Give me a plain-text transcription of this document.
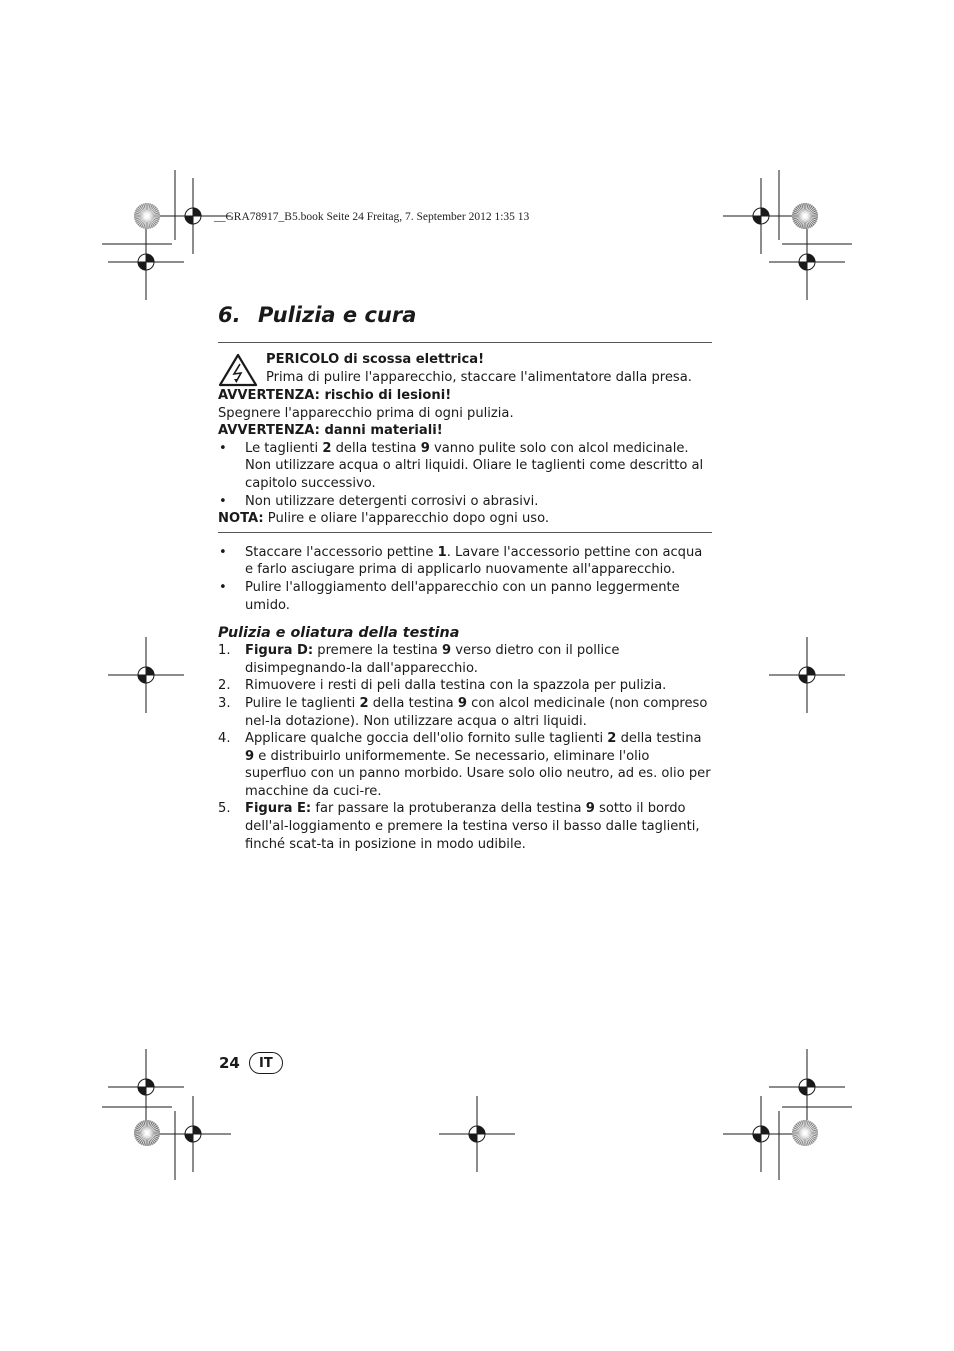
__GRA78917_B5.book Seite 24 Freitag, 7. September 2012 1:35 13
6. Pulizia e cura

PERICOLO di scossa elettrica!

Prima di pulire l'apparecchio, staccare l'alimentatore dalla presa.

AVVERTENZA: rischio di lesioni!

Spegnere l'apparecchio prima di ogni pulizia.

AVVERTENZA: danni materiali!

• Le taglienti 2 della testina 9 vanno pulite solo con alcol medicinale. Non utilizzare acqua o altri liquidi. Oliare le taglienti come descritto al capitolo successivo.
• Non utilizzare detergenti corrosivi o abrasivi.

NOTA: Pulire e oliare l'apparecchio dopo ogni uso.

• Staccare l'accessorio pettine 1. Lavare l'accessorio pettine con acqua e farlo asciugare prima di applicarlo nuovamente all'apparecchio.
• Pulire l'alloggiamento dell'apparecchio con un panno leggermente umido.

Pulizia e oliatura della testina

1. Figura D: premere la testina 9 verso dietro con il pollice disimpegnando-la dall'apparecchio.
2. Rimuovere i resti di peli dalla testina con la spazzola per pulizia.
3. Pulire le taglienti 2 della testina 9 con alcol medicinale (non compreso nel-la dotazione). Non utilizzare acqua o altri liquidi.
4. Applicare qualche goccia dell'olio fornito sulle taglienti 2 della testina 9 e distribuirlo uniformemente. Se necessario, eliminare l'olio superfluo con un panno morbido. Usare solo olio neutro, ad es. olio per macchine da cuci-re.
5. Figura E: far passare la protuberanza della testina 9 sotto il bordo dell'al-loggiamento e premere la testina verso il basso dalle taglienti, finché scat-ta in posizione in modo udibile.
24	IT
